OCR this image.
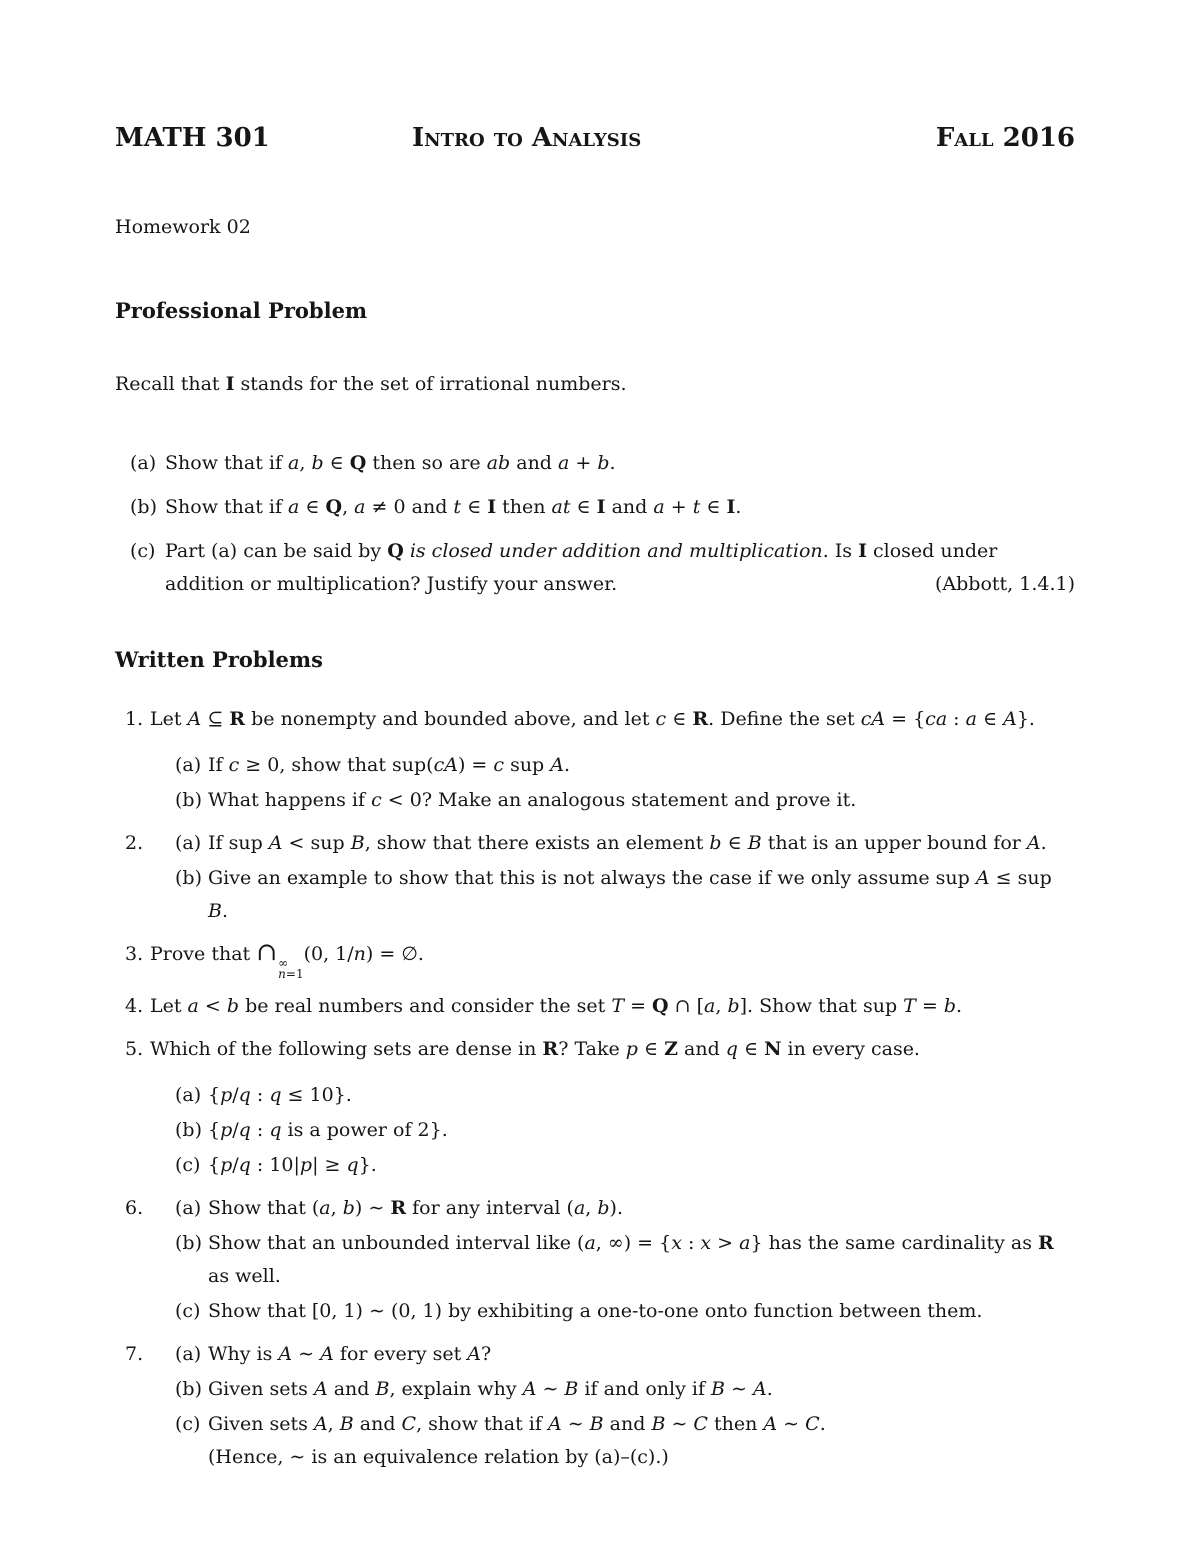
MATH 301	Intro to Analysis	Fall 2016
Homework 02
Professional Problem
Recall that I stands for the set of irrational numbers.
(a) Show that if a, b ∈ Q then so are ab and a + b.
(b) Show that if a ∈ Q, a ≠ 0 and t ∈ I then at ∈ I and a + t ∈ I.
(c) Part (a) can be said by Q is closed under addition and multiplication. Is I closed under addition or multiplication? Justify your answer.	(Abbott, 1.4.1)
Written Problems
1. Let A ⊆ R be nonempty and bounded above, and let c ∈ R. Define the set cA = {ca : a ∈ A}.
(a) If c ≥ 0, show that sup(cA) = c sup A.
(b) What happens if c < 0? Make an analogous statement and prove it.
2.	(a) If sup A < sup B, show that there exists an element b ∈ B that is an upper bound for A.
(b) Give an example to show that this is not always the case if we only assume sup A ≤ sup B.
3. Prove that ∩ ∞
n=1
(0, 1/n) = ∅.
4. Let a < b be real numbers and consider the set T = Q ∩ [a, b]. Show that sup T = b.
5. Which of the following sets are dense in R? Take p ∈ Z and q ∈ N in every case.
(a) {p/q : q ≤ 10}.
(b) {p/q : q is a power of 2}.
(c) {p/q : 10|p| ≥ q}.
6.	(a) Show that (a, b) ∼ R for any interval (a, b).
(b) Show that an unbounded interval like (a, ∞) = {x : x > a} has the same cardinality as R as well.
(c) Show that [0, 1) ∼ (0, 1) by exhibiting a one-to-one onto function between them.
7.	(a) Why is A ∼ A for every set A?
(b) Given sets A and B, explain why A ∼ B if and only if B ∼ A.
(c) Given sets A, B and C, show that if A ∼ B and B ∼ C then A ∼ C.
(Hence, ∼ is an equivalence relation by (a)–(c).)
